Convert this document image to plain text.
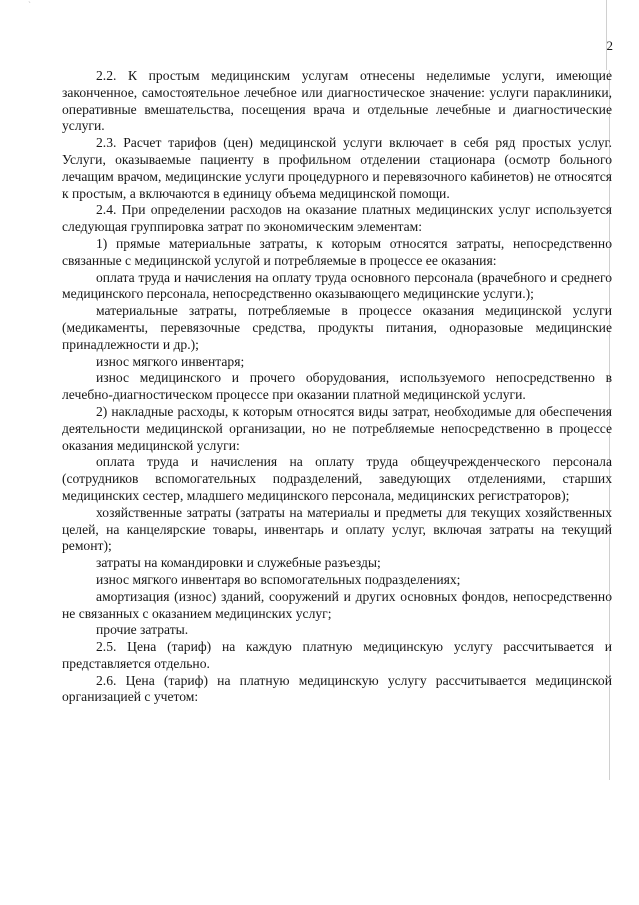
`
2

2.2. К простым медицинским услугам отнесены неделимые услуги, имеющие законченное, самостоятельное лечебное или диагностическое значение: услуги параклиники, оперативные вмешательства, посещения врача и отдельные лечебные и диагностические услуги.

2.3. Расчет тарифов (цен) медицинской услуги включает в себя ряд простых услуг. Услуги, оказываемые пациенту в профильном отделении стационара (осмотр больного лечащим врачом, медицинские услуги процедурного и перевязочного кабинетов) не относятся к простым, а включаются в единицу объема медицинской помощи.

2.4. При определении расходов на оказание платных медицинских услуг используется следующая группировка затрат по экономическим элементам:

1) прямые материальные затраты, к которым относятся затраты, непосредственно связанные с медицинской услугой и потребляемые в процессе ее оказания:

оплата труда и начисления на оплату труда основного персонала (врачебного и среднего медицинского персонала, непосредственно оказывающего медицинские услуги.);

материальные затраты, потребляемые в процессе оказания медицинской услуги (медикаменты, перевязочные средства, продукты питания, одноразовые медицинские принадлежности и др.);

износ мягкого инвентаря;

износ медицинского и прочего оборудования, используемого непосредственно в лечебно-диагностическом процессе при оказании платной медицинской услуги.

2) накладные расходы, к которым относятся виды затрат, необходимые для обеспечения деятельности медицинской организации, но не потребляемые непосредственно в процессе оказания медицинской услуги:

оплата труда и начисления на оплату труда общеучрежденческого персонала (сотрудников вспомогательных подразделений, заведующих отделениями, старших медицинских сестер, младшего медицинского персонала, медицинских регистраторов);

хозяйственные затраты (затраты на материалы и предметы для текущих хозяйственных целей, на канцелярские товары, инвентарь и оплату услуг, включая затраты на текущий ремонт);

затраты на командировки и служебные разъезды;

износ мягкого инвентаря во вспомогательных подразделениях;

амортизация (износ) зданий, сооружений и других основных фондов, непосредственно не связанных с оказанием медицинских услуг;

прочие затраты.

2.5. Цена (тариф) на каждую платную медицинскую услугу рассчитывается и представляется отдельно.

2.6. Цена (тариф) на платную медицинскую услугу рассчитывается медицинской организацией с учетом:
